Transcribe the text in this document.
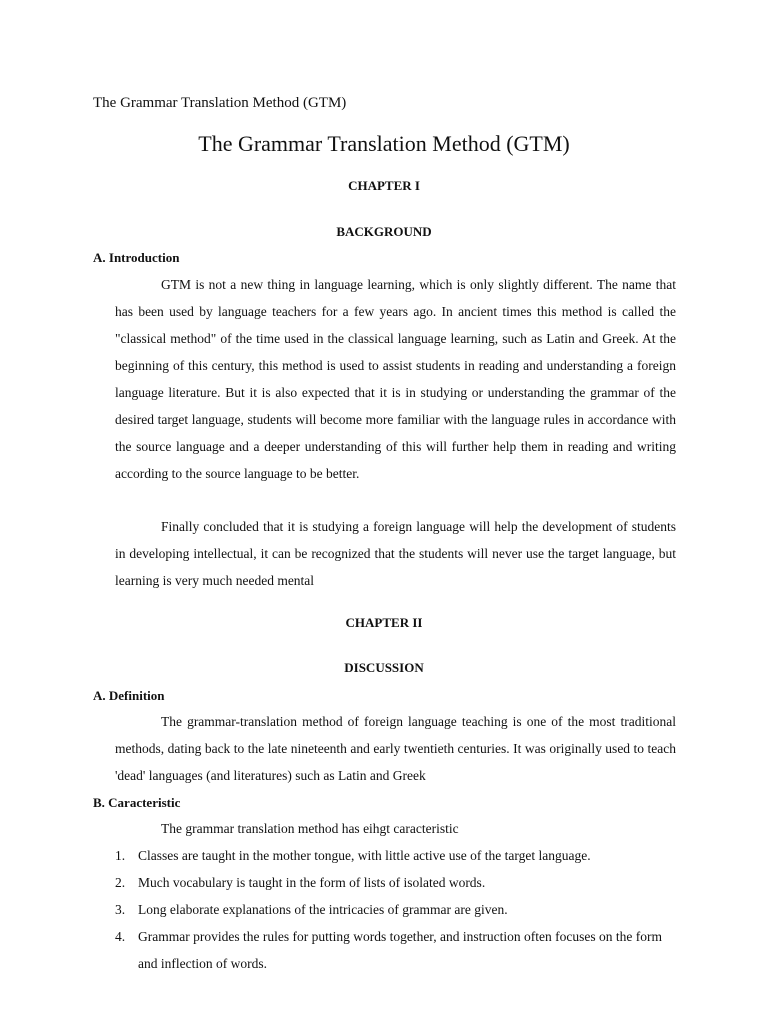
The Grammar Translation Method (GTM)

The Grammar Translation Method (GTM)

CHAPTER I

BACKGROUND

A. Introduction

GTM is not a new thing in language learning, which is only slightly different. The name that has been used by language teachers for a few years ago. In ancient times this method is called the "classical method" of the time used in the classical language learning, such as Latin and Greek. At the beginning of this century, this method is used to assist students in reading and understanding a foreign language literature. But it is also expected that it is in studying or understanding the grammar of the desired target language, students will become more familiar with the language rules in accordance with the source language and a deeper understanding of this will further help them in reading and writing according to the source language to be better.

Finally concluded that it is studying a foreign language will help the development of students in developing intellectual, it can be recognized that the students will never use the target language, but learning is very much needed mental

CHAPTER II

DISCUSSION

A. Definition

The grammar-translation method of foreign language teaching is one of the most traditional methods, dating back to the late nineteenth and early twentieth centuries. It was originally used to teach 'dead' languages (and literatures) such as Latin and Greek

B. Caracteristic

The grammar translation method has eihgt caracteristic

1. Classes are taught in the mother tongue, with little active use of the target language.
2. Much vocabulary is taught in the form of lists of isolated words.
3. Long elaborate explanations of the intricacies of grammar are given.
4. Grammar provides the rules for putting words together, and instruction often focuses on the form and inflection of words.
